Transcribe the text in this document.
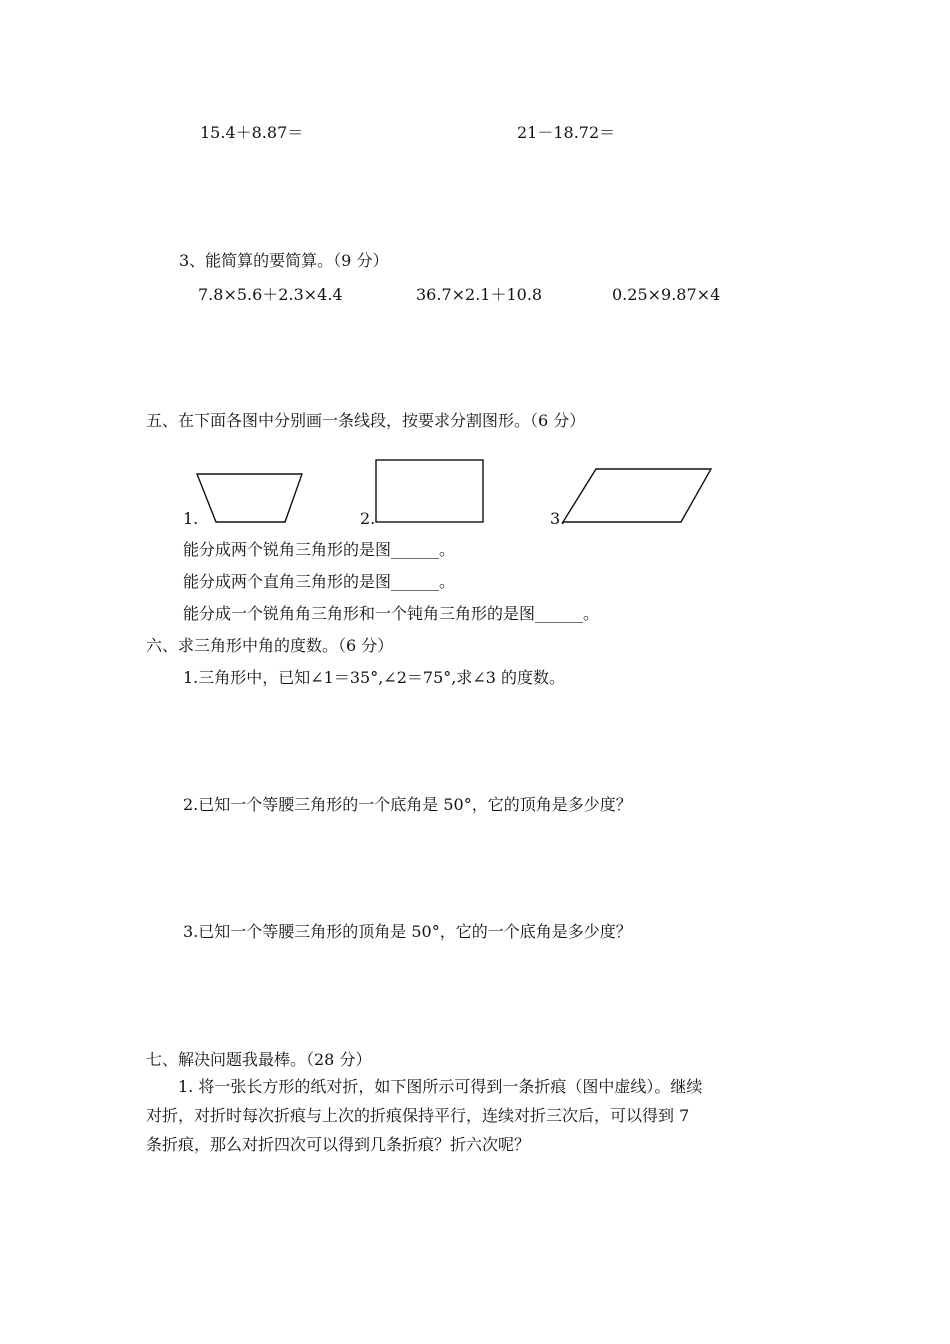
15.4＋8.87＝	21－18.72＝
3、能简算的要简算。（9 分）
7.8×5.6＋2.3×4.4	36.7×2.1＋10.8	0.25×9.87×4
五、在下面各图中分别画一条线段，按要求分割图形。（6 分）
1.	2.	3.
能分成两个锐角三角形的是图______。
能分成两个直角三角形的是图______。
能分成一个锐角角三角形和一个钝角三角形的是图______。
六、求三角形中角的度数。（6 分）
1.三角形中，已知∠1＝35°,∠2＝75°,求∠3 的度数。
2.已知一个等腰三角形的一个底角是 50°，它的顶角是多少度？
3.已知一个等腰三角形的顶角是 50°，它的一个底角是多少度？
七、解决问题我最棒。（28 分）
1. 将一张长方形的纸对折，如下图所示可得到一条折痕（图中虚线）。继续
对折，对折时每次折痕与上次的折痕保持平行，连续对折三次后，可以得到 7
条折痕，那么对折四次可以得到几条折痕？折六次呢？
